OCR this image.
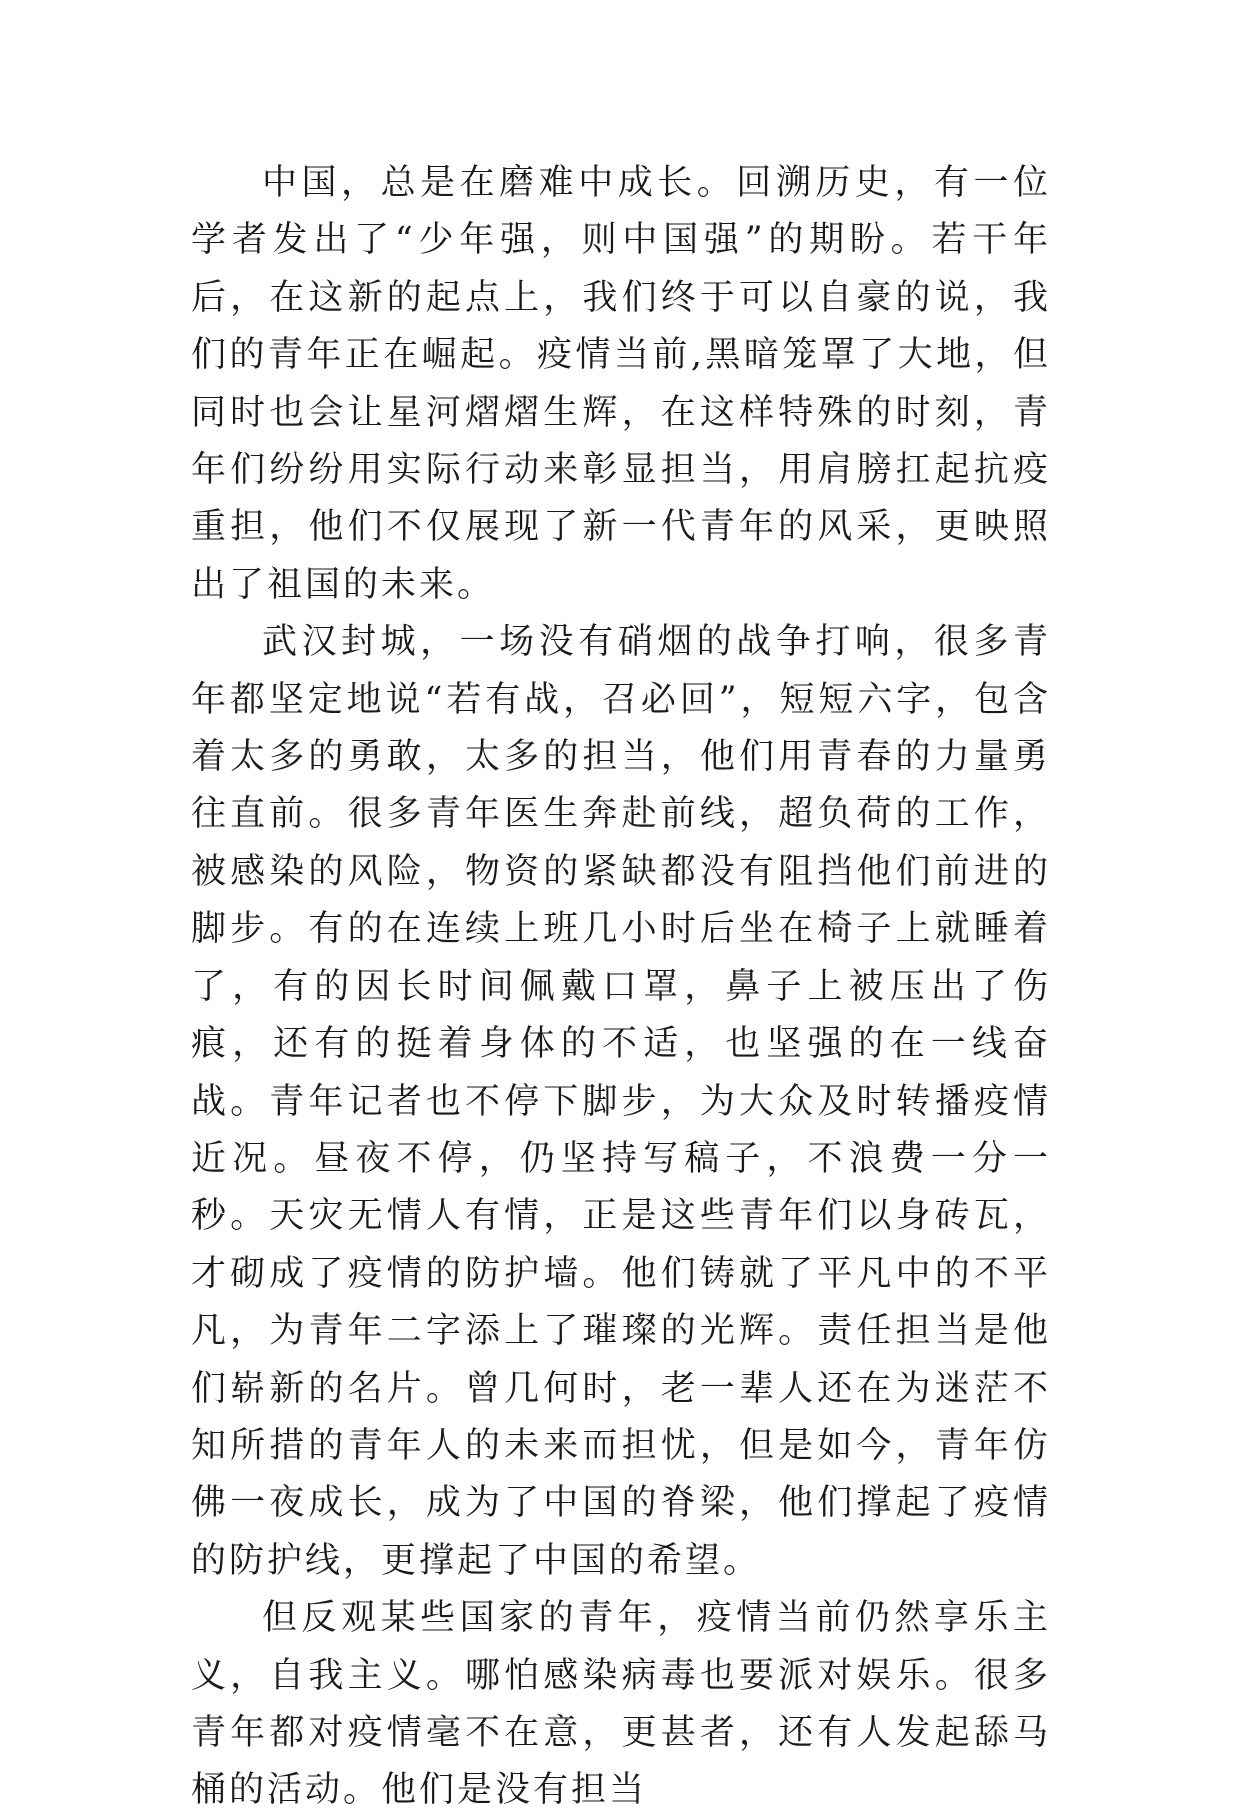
中国，总是在磨难中成长。回溯历史，有一位学者发出了“少年强，则中国强”的期盼。若干年后，在这新的起点上，我们终于可以自豪的说，我们的青年正在崛起。疫情当前,黑暗笼罩了大地，但同时也会让星河熠熠生辉，在这样特殊的时刻，青年们纷纷用实际行动来彰显担当，用肩膀扛起抗疫重担，他们不仅展现了新一代青年的风采，更映照出了祖国的未来。

武汉封城，一场没有硝烟的战争打响，很多青年都坚定地说“若有战，召必回”，短短六字，包含着太多的勇敢，太多的担当，他们用青春的力量勇往直前。很多青年医生奔赴前线，超负荷的工作，被感染的风险，物资的紧缺都没有阻挡他们前进的脚步。有的在连续上班几小时后坐在椅子上就睡着了，有的因长时间佩戴口罩，鼻子上被压出了伤痕，还有的挺着身体的不适，也坚强的在一线奋战。青年记者也不停下脚步，为大众及时转播疫情近况。昼夜不停，仍坚持写稿子，不浪费一分一秒。天灾无情人有情，正是这些青年们以身砖瓦，才砌成了疫情的防护墙。他们铸就了平凡中的不平凡，为青年二字添上了璀璨的光辉。责任担当是他们崭新的名片。曾几何时，老一辈人还在为迷茫不知所措的青年人的未来而担忧，但是如今，青年仿佛一夜成长，成为了中国的脊梁，他们撑起了疫情的防护线，更撑起了中国的希望。

但反观某些国家的青年，疫情当前仍然享乐主义，自我主义。哪怕感染病毒也要派对娱乐。很多青年都对疫情毫不在意，更甚者，还有人发起舔马桶的活动。他们是没有担当
